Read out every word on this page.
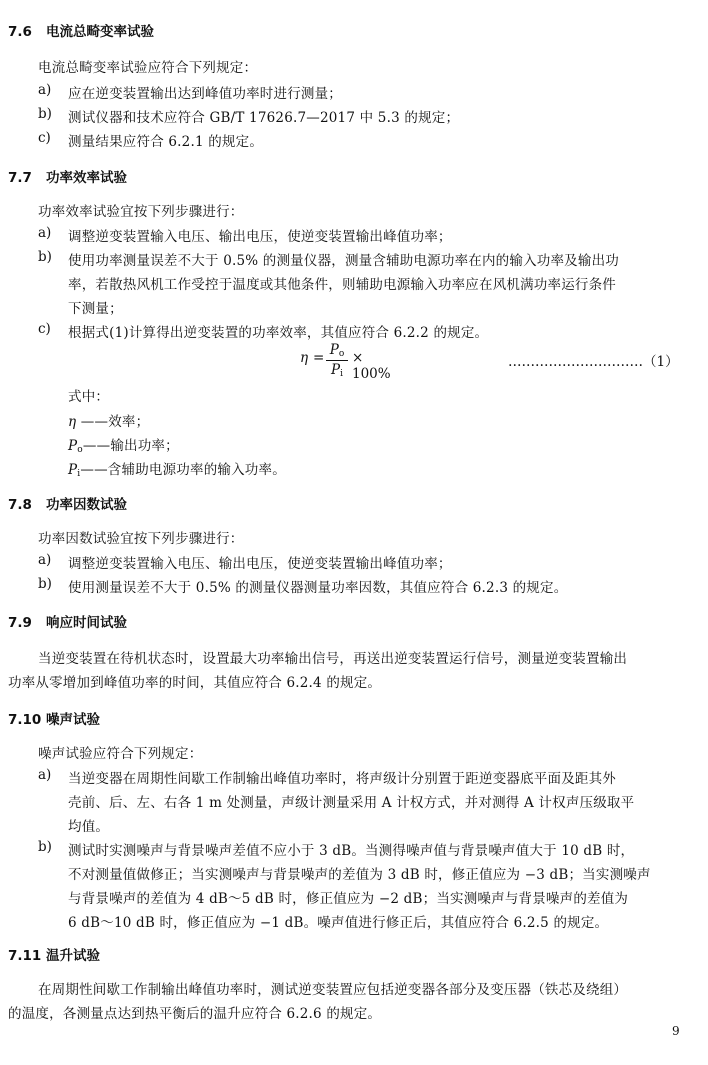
7.6 电流总畸变率试验
电流总畸变率试验应符合下列规定：
a) 应在逆变装置输出达到峰值功率时进行测量；
b) 测试仪器和技术应符合 GB/T 17626.7—2017 中 5.3 的规定；
c) 测量结果应符合 6.2.1 的规定。
7.7 功率效率试验
功率效率试验宜按下列步骤进行：
a) 调整逆变装置输入电压、输出电压，使逆变装置输出峰值功率；
b) 使用功率测量误差不大于 0.5% 的测量仪器，测量含辅助电源功率在内的输入功率及输出功
率，若散热风机工作受控于温度或其他条件，则辅助电源输入功率应在风机满功率运行条件
下测量；
c) 根据式(1)计算得出逆变装置的功率效率，其值应符合 6.2.2 的规定。
$\eta = P_o$
$P_i$
× 100%
…………………………（1）
式中：
η ——效率；
$P_o——$输出功率；
$P_i——$含辅助电源功率的输入功率。
7.8 功率因数试验
功率因数试验宜按下列步骤进行：
a) 调整逆变装置输入电压、输出电压，使逆变装置输出峰值功率；
b) 使用测量误差不大于 0.5% 的测量仪器测量功率因数，其值应符合 6.2.3 的规定。
7.9 响应时间试验
当逆变装置在待机状态时，设置最大功率输出信号，再送出逆变装置运行信号，测量逆变装置输出
功率从零增加到峰值功率的时间，其值应符合 6.2.4 的规定。
7.10 噪声试验
噪声试验应符合下列规定：
a) 当逆变器在周期性间歇工作制输出峰值功率时，将声级计分别置于距逆变器底平面及距其外
壳前、后、左、右各 1 m 处测量，声级计测量采用 A 计权方式，并对测得 A 计权声压级取平
均值。
b) 测试时实测噪声与背景噪声差值不应小于 3 dB。当测得噪声值与背景噪声值大于 10 dB 时，
不对测量值做修正；当实测噪声与背景噪声的差值为 3 dB 时，修正值应为 −3 dB；当实测噪声
与背景噪声的差值为 4 dB～5 dB 时，修正值应为 −2 dB；当实测噪声与背景噪声的差值为
6 dB～10 dB 时，修正值应为 −1 dB。噪声值进行修正后，其值应符合 6.2.5 的规定。
7.11 温升试验
在周期性间歇工作制输出峰值功率时，测试逆变装置应包括逆变器各部分及变压器（铁芯及绕组）
的温度，各测量点达到热平衡后的温升应符合 6.2.6 的规定。
9
